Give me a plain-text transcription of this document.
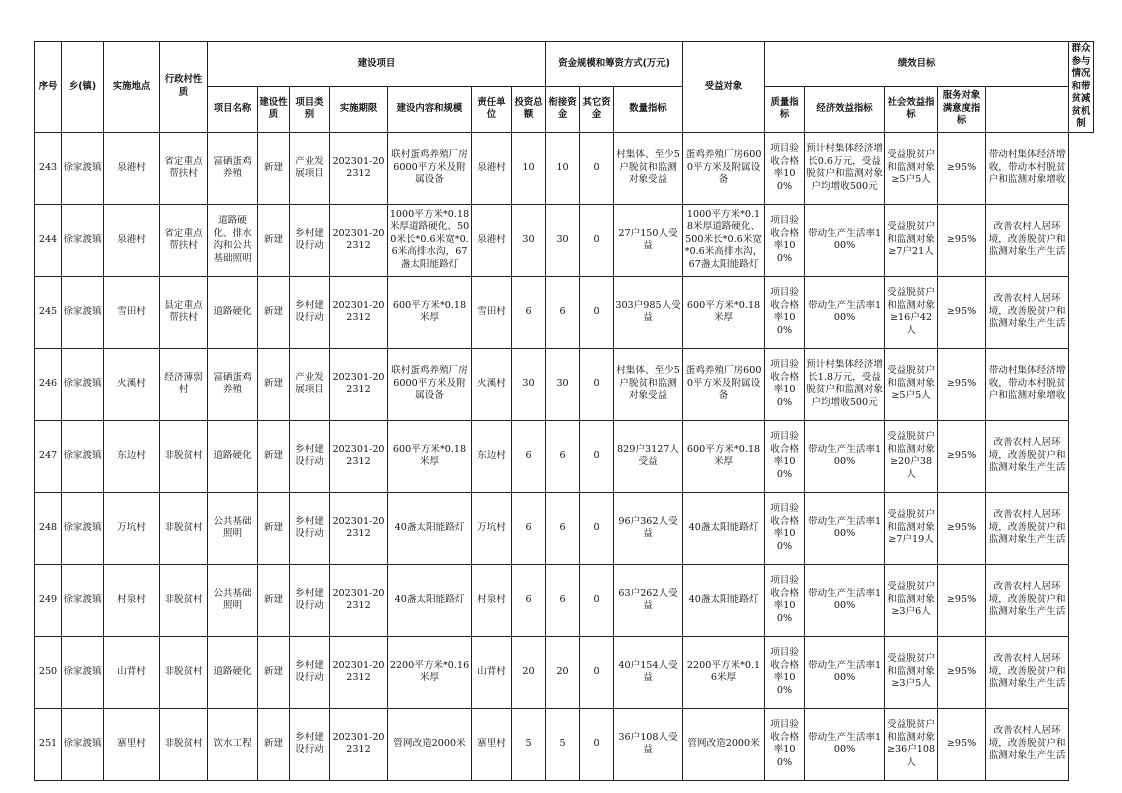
序号	乡(镇)	实施地点	行政村性质	建设项目							资金规模和筹资方式(万元)			受益对象	绩效目标					群众参与情况和带贫减贫机制
				项目名称	建设性质	项目类别	实施期限	建设内容和规模	责任单位	投资总额	衔接资金	其它资金	数量指标		质量指标	经济效益指标	社会效益指标	服务对象满意度指标		

243	徐家渡镇	泉港村	省定重点帮扶村	富硒蛋鸡养殖	新建	产业发展项目	202301-202312	联村蛋鸡养殖厂房6000平方米及附属设备	泉港村	10	10	0	村集体、至少5户脱贫和监测对象受益	蛋鸡养殖厂房6000平方米及附属设备	项目验收合格率100%	预计村集体经济增长0.6万元，受益脱贫户和监测对象户均增收500元	受益脱贫户和监测对象≥5户5人	≥95%	带动村集体经济增收，带动本村脱贫户和监测对象增收	

244	徐家渡镇	泉港村	省定重点帮扶村	道路硬化、排水沟和公共基础照明	新建	乡村建设行动	202301-202312	1000平方米*0.18米厚道路硬化、500米长*0.6米宽*0.6米高排水沟，67盏太阳能路灯	泉港村	30	30	0	27户150人受益	1000平方米*0.18米厚道路硬化、500米长*0.6米宽*0.6米高排水沟，67盏太阳能路灯	项目验收合格率100%	带动生产生活率100%	受益脱贫户和监测对象≥7户21人	≥95%	改善农村人居环境，改善脱贫户和监测对象生产生活	

245	徐家渡镇	雪田村	县定重点帮扶村	道路硬化	新建	乡村建设行动	202301-202312	600平方米*0.18米厚	雪田村	6	6	0	303户985人受益	600平方米*0.18米厚	项目验收合格率100%	带动生产生活率100%	受益脱贫户和监测对象≥16户42人	≥95%	改善农村人居环境，改善脱贫户和监测对象生产生活	

246	徐家渡镇	火溪村	经济薄弱村	富硒蛋鸡养殖	新建	产业发展项目	202301-202312	联村蛋鸡养殖厂房6000平方米及附属设备	火溪村	30	30	0	村集体、至少5户脱贫和监测对象受益	蛋鸡养殖厂房6000平方米及附属设备	项目验收合格率100%	预计村集体经济增长1.8万元，受益脱贫户和监测对象户均增收500元	受益脱贫户和监测对象≥5户5人	≥95%	带动村集体经济增收，带动本村脱贫户和监测对象增收	

247	徐家渡镇	东边村	非脱贫村	道路硬化	新建	乡村建设行动	202301-202312	600平方米*0.18米厚	东边村	6	6	0	829户3127人受益	600平方米*0.18米厚	项目验收合格率100%	带动生产生活率100%	受益脱贫户和监测对象≥20户38人	≥95%	改善农村人居环境，改善脱贫户和监测对象生产生活	

248	徐家渡镇	万坑村	非脱贫村	公共基础照明	新建	乡村建设行动	202301-202312	40盏太阳能路灯	万坑村	6	6	0	96户362人受益	40盏太阳能路灯	项目验收合格率100%	带动生产生活率100%	受益脱贫户和监测对象≥7户19人	≥95%	改善农村人居环境，改善脱贫户和监测对象生产生活	

249	徐家渡镇	村泉村	非脱贫村	公共基础照明	新建	乡村建设行动	202301-202312	40盏太阳能路灯	村泉村	6	6	0	63户262人受益	40盏太阳能路灯	项目验收合格率100%	带动生产生活率100%	受益脱贫户和监测对象≥3户6人	≥95%	改善农村人居环境，改善脱贫户和监测对象生产生活	

250	徐家渡镇	山背村	非脱贫村	道路硬化	新建	乡村建设行动	202301-202312	2200平方米*0.16米厚	山背村	20	20	0	40户154人受益	2200平方米*0.16米厚	项目验收合格率100%	带动生产生活率100%	受益脱贫户和监测对象≥3户5人	≥95%	改善农村人居环境，改善脱贫户和监测对象生产生活	

251	徐家渡镇	寨里村	非脱贫村	饮水工程	新建	乡村建设行动	202301-202312	管网改造2000米	寨里村	5	5	0	36户108人受益	管网改造2000米	项目验收合格率100%	带动生产生活率100%	受益脱贫户和监测对象≥36户108人	≥95%	改善农村人居环境，改善脱贫户和监测对象生产生活	
